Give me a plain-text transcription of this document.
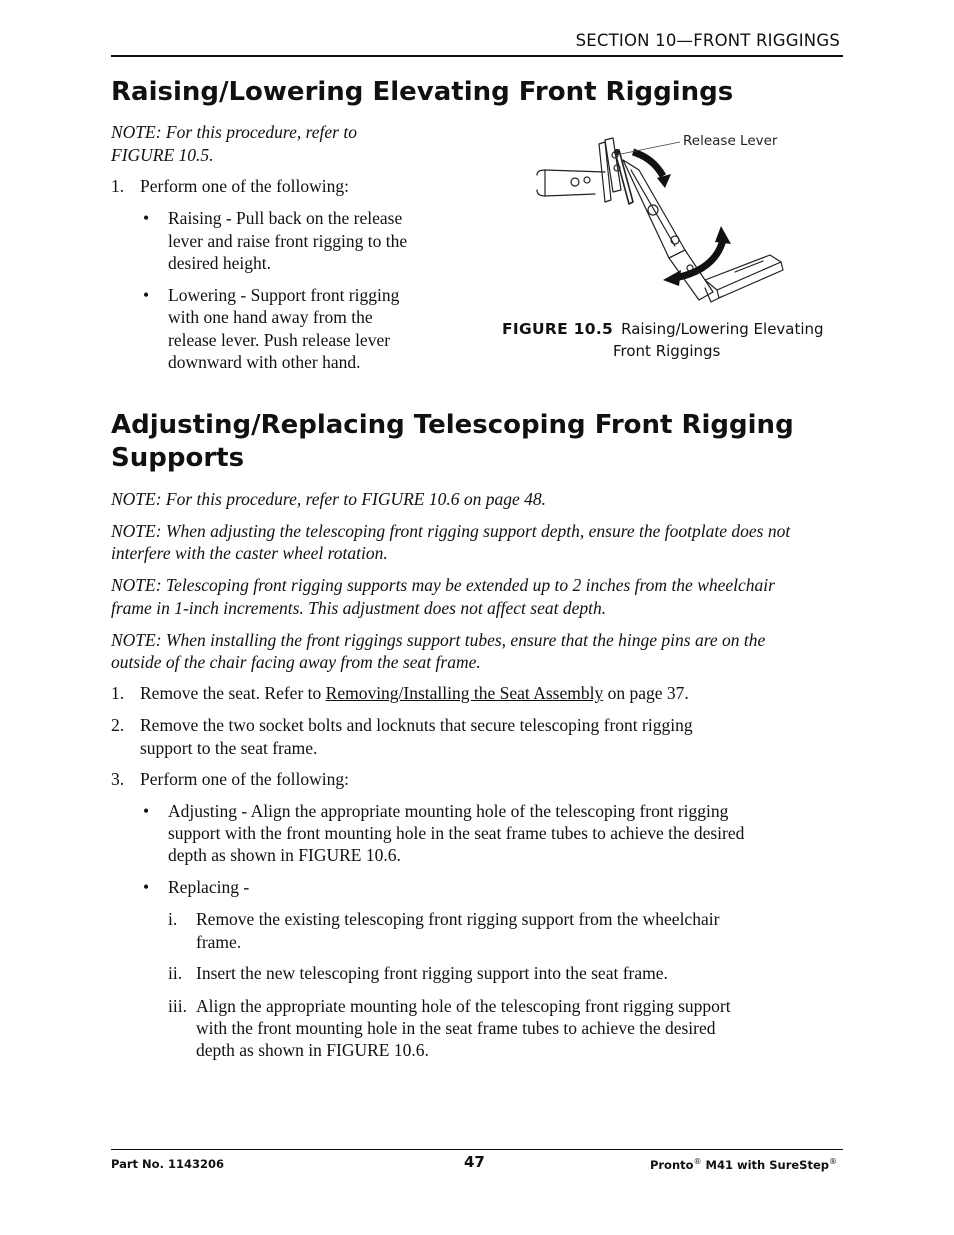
SECTION 10—FRONT RIGGINGS
Raising/Lowering Elevating Front Riggings

NOTE: For this procedure, refer to

FIGURE 10.5.

1. Perform one of the following:
• Raising - Pull back on the release
lever and raise front rigging to the
desired height.
• Lowering - Support front rigging
with one hand away from the
release lever. Push release lever
downward with other hand.
Release Lever
FIGURE 10.5 Raising/Lowering Elevating
Front Riggings
Adjusting/Replacing Telescoping Front Rigging
Supports

NOTE: For this procedure, refer to FIGURE 10.6 on page 48.

NOTE: When adjusting the telescoping front rigging support depth, ensure the footplate does not

interfere with the caster wheel rotation.

NOTE: Telescoping front rigging supports may be extended up to 2 inches from the wheelchair

frame in 1-inch increments. This adjustment does not affect seat depth.

NOTE: When installing the front riggings support tubes, ensure that the hinge pins are on the

outside of the chair facing away from the seat frame.

1. Remove the seat. Refer to Removing/Installing the Seat Assembly on page 37.
2. Remove the two socket bolts and locknuts that secure telescoping front rigging
support to the seat frame.
3. Perform one of the following:
• Adjusting - Align the appropriate mounting hole of the telescoping front rigging
support with the front mounting hole in the seat frame tubes to achieve the desired
depth as shown in FIGURE 10.6.
• Replacing -
i. Remove the existing telescoping front rigging support from the wheelchair
frame.
ii. Insert the new telescoping front rigging support into the seat frame.
iii. Align the appropriate mounting hole of the telescoping front rigging support
with the front mounting hole in the seat frame tubes to achieve the desired
depth as shown in FIGURE 10.6.
Part No. 1143206	47	Pronto® M41 with SureStep®
